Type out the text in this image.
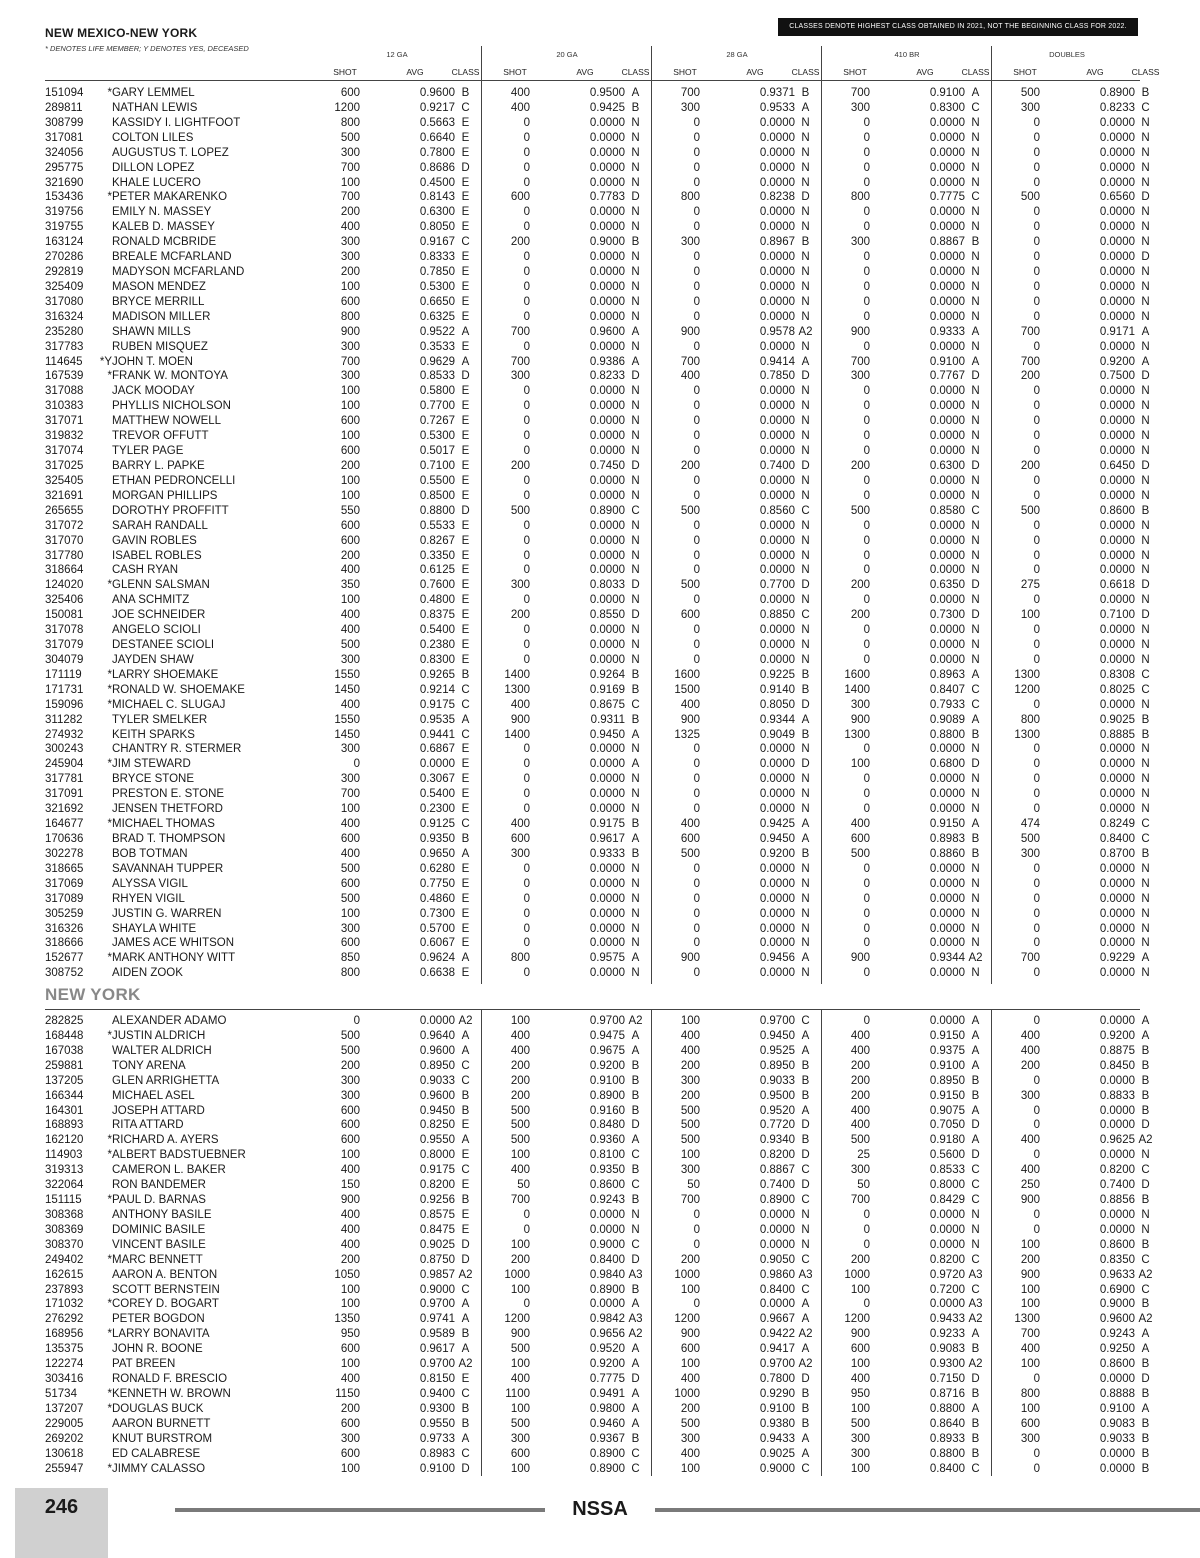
NEW MEXICO-NEW YORK
* DENOTES LIFE MEMBER; Y DENOTES YES, DECEASED
CLASSES DENOTE HIGHEST CLASS OBTAINED IN 2021, NOT THE BEGINNING CLASS FOR 2022.
12 GA
SHOT	AVG	CLASS
20 GA
SHOT	AVG	CLASS
28 GA
SHOT	AVG	CLASS
410 BR
SHOT	AVG	CLASS
DOUBLES
SHOT	AVG	CLASS
151094	* GARY LEMMEL	600	0.9600 B	400	0.9500 A	700	0.9371 B	700	0.9100 A	500	0.8900 B
289811	NATHAN LEWIS	1200	0.9217 C	400	0.9425 B	300	0.9533 A	300	0.8300 C	300	0.8233 C
308799	KASSIDY I. LIGHTFOOT	800	0.5663 E	0	0.0000 N	0	0.0000 N	0	0.0000 N	0	0.0000 N
317081	COLTON LILES	500	0.6640 E	0	0.0000 N	0	0.0000 N	0	0.0000 N	0	0.0000 N
324056	AUGUSTUS T. LOPEZ	300	0.7800 E	0	0.0000 N	0	0.0000 N	0	0.0000 N	0	0.0000 N
295775	DILLON LOPEZ	700	0.8686 D	0	0.0000 N	0	0.0000 N	0	0.0000 N	0	0.0000 N
321690	KHALE LUCERO	100	0.4500 E	0	0.0000 N	0	0.0000 N	0	0.0000 N	0	0.0000 N
153436	* PETER MAKARENKO	700	0.8143 E	600	0.7783 D	800	0.8238 D	800	0.7775 C	500	0.6560 D
319756	EMILY N. MASSEY	200	0.6300 E	0	0.0000 N	0	0.0000 N	0	0.0000 N	0	0.0000 N
319755	KALEB D. MASSEY	400	0.8050 E	0	0.0000 N	0	0.0000 N	0	0.0000 N	0	0.0000 N
163124	RONALD MCBRIDE	300	0.9167 C	200	0.9000 B	300	0.8967 B	300	0.8867 B	0	0.0000 N
270286	BREALE MCFARLAND	300	0.8333 E	0	0.0000 N	0	0.0000 N	0	0.0000 N	0	0.0000 D
292819	MADYSON MCFARLAND	200	0.7850 E	0	0.0000 N	0	0.0000 N	0	0.0000 N	0	0.0000 N
325409	MASON MENDEZ	100	0.5300 E	0	0.0000 N	0	0.0000 N	0	0.0000 N	0	0.0000 N
317080	BRYCE MERRILL	600	0.6650 E	0	0.0000 N	0	0.0000 N	0	0.0000 N	0	0.0000 N
316324	MADISON MILLER	800	0.6325 E	0	0.0000 N	0	0.0000 N	0	0.0000 N	0	0.0000 N
235280	SHAWN MILLS	900	0.9522 A	700	0.9600 A	900	0.9578 A2	900	0.9333 A	700	0.9171 A
317783	RUBEN MISQUEZ	300	0.3533 E	0	0.0000 N	0	0.0000 N	0	0.0000 N	0	0.0000 N
114645	*Y JOHN T. MOEN	700	0.9629 A	700	0.9386 A	700	0.9414 A	700	0.9100 A	700	0.9200 A
167539	* FRANK W. MONTOYA	300	0.8533 D	300	0.8233 D	400	0.7850 D	300	0.7767 D	200	0.7500 D
317088	JACK MOODAY	100	0.5800 E	0	0.0000 N	0	0.0000 N	0	0.0000 N	0	0.0000 N
310383	PHYLLIS NICHOLSON	100	0.7700 E	0	0.0000 N	0	0.0000 N	0	0.0000 N	0	0.0000 N
317071	MATTHEW NOWELL	600	0.7267 E	0	0.0000 N	0	0.0000 N	0	0.0000 N	0	0.0000 N
319832	TREVOR OFFUTT	100	0.5300 E	0	0.0000 N	0	0.0000 N	0	0.0000 N	0	0.0000 N
317074	TYLER PAGE	600	0.5017 E	0	0.0000 N	0	0.0000 N	0	0.0000 N	0	0.0000 N
317025	BARRY L. PAPKE	200	0.7100 E	200	0.7450 D	200	0.7400 D	200	0.6300 D	200	0.6450 D
325405	ETHAN PEDRONCELLI	100	0.5500 E	0	0.0000 N	0	0.0000 N	0	0.0000 N	0	0.0000 N
321691	MORGAN PHILLIPS	100	0.8500 E	0	0.0000 N	0	0.0000 N	0	0.0000 N	0	0.0000 N
265655	DOROTHY PROFFITT	550	0.8800 D	500	0.8900 C	500	0.8560 C	500	0.8580 C	500	0.8600 B
317072	SARAH RANDALL	600	0.5533 E	0	0.0000 N	0	0.0000 N	0	0.0000 N	0	0.0000 N
317070	GAVIN ROBLES	600	0.8267 E	0	0.0000 N	0	0.0000 N	0	0.0000 N	0	0.0000 N
317780	ISABEL ROBLES	200	0.3350 E	0	0.0000 N	0	0.0000 N	0	0.0000 N	0	0.0000 N
318664	CASH RYAN	400	0.6125 E	0	0.0000 N	0	0.0000 N	0	0.0000 N	0	0.0000 N
124020	* GLENN SALSMAN	350	0.7600 E	300	0.8033 D	500	0.7700 D	200	0.6350 D	275	0.6618 D
325406	ANA SCHMITZ	100	0.4800 E	0	0.0000 N	0	0.0000 N	0	0.0000 N	0	0.0000 N
150081	JOE SCHNEIDER	400	0.8375 E	200	0.8550 D	600	0.8850 C	200	0.7300 D	100	0.7100 D
317078	ANGELO SCIOLI	400	0.5400 E	0	0.0000 N	0	0.0000 N	0	0.0000 N	0	0.0000 N
317079	DESTANEE SCIOLI	500	0.2380 E	0	0.0000 N	0	0.0000 N	0	0.0000 N	0	0.0000 N
304079	JAYDEN SHAW	300	0.8300 E	0	0.0000 N	0	0.0000 N	0	0.0000 N	0	0.0000 N
171119	* LARRY SHOEMAKE	1550	0.9265 B	1400	0.9264 B	1600	0.9225 B	1600	0.8963 A	1300	0.8308 C
171731	* RONALD W. SHOEMAKE	1450	0.9214 C	1300	0.9169 B	1500	0.9140 B	1400	0.8407 C	1200	0.8025 C
159096	* MICHAEL C. SLUGAJ	400	0.9175 C	400	0.8675 C	400	0.8050 D	300	0.7933 C	0	0.0000 N
311282	TYLER SMELKER	1550	0.9535 A	900	0.9311 B	900	0.9344 A	900	0.9089 A	800	0.9025 B
274932	KEITH SPARKS	1450	0.9441 C	1400	0.9450 A	1325	0.9049 B	1300	0.8800 B	1300	0.8885 B
300243	CHANTRY R. STERMER	300	0.6867 E	0	0.0000 N	0	0.0000 N	0	0.0000 N	0	0.0000 N
245904	* JIM STEWARD	0	0.0000 E	0	0.0000 A	0	0.0000 D	100	0.6800 D	0	0.0000 N
317781	BRYCE STONE	300	0.3067 E	0	0.0000 N	0	0.0000 N	0	0.0000 N	0	0.0000 N
317091	PRESTON E. STONE	700	0.5400 E	0	0.0000 N	0	0.0000 N	0	0.0000 N	0	0.0000 N
321692	JENSEN THETFORD	100	0.2300 E	0	0.0000 N	0	0.0000 N	0	0.0000 N	0	0.0000 N
164677	* MICHAEL THOMAS	400	0.9125 C	400	0.9175 B	400	0.9425 A	400	0.9150 A	474	0.8249 C
170636	BRAD T. THOMPSON	600	0.9350 B	600	0.9617 A	600	0.9450 A	600	0.8983 B	500	0.8400 C
302278	BOB TOTMAN	400	0.9650 A	300	0.9333 B	500	0.9200 B	500	0.8860 B	300	0.8700 B
318665	SAVANNAH TUPPER	500	0.6280 E	0	0.0000 N	0	0.0000 N	0	0.0000 N	0	0.0000 N
317069	ALYSSA VIGIL	600	0.7750 E	0	0.0000 N	0	0.0000 N	0	0.0000 N	0	0.0000 N
317089	RHYEN VIGIL	500	0.4860 E	0	0.0000 N	0	0.0000 N	0	0.0000 N	0	0.0000 N
305259	JUSTIN G. WARREN	100	0.7300 E	0	0.0000 N	0	0.0000 N	0	0.0000 N	0	0.0000 N
316326	SHAYLA WHITE	300	0.5700 E	0	0.0000 N	0	0.0000 N	0	0.0000 N	0	0.0000 N
318666	JAMES ACE WHITSON	600	0.6067 E	0	0.0000 N	0	0.0000 N	0	0.0000 N	0	0.0000 N
152677	* MARK ANTHONY WITT	850	0.9624 A	800	0.9575 A	900	0.9456 A	900	0.9344 A2	700	0.9229 A
308752	AIDEN ZOOK	800	0.6638 E	0	0.0000 N	0	0.0000 N	0	0.0000 N	0	0.0000 N
NEW YORK
282825	ALEXANDER ADAMO	0	0.0000 A2	100	0.9700 A2	100	0.9700 C	0	0.0000 A	0	0.0000 A
168448	* JUSTIN ALDRICH	500	0.9640 A	400	0.9475 A	400	0.9450 A	400	0.9150 A	400	0.9200 A
167038	WALTER ALDRICH	500	0.9600 A	400	0.9675 A	400	0.9525 A	400	0.9375 A	400	0.8875 B
259881	TONY ARENA	200	0.8950 C	200	0.9200 B	200	0.8950 B	200	0.9100 A	200	0.8450 B
137205	GLEN ARRIGHETTA	300	0.9033 C	200	0.9100 B	300	0.9033 B	200	0.8950 B	0	0.0000 B
166344	MICHAEL ASEL	300	0.9600 B	200	0.8900 B	200	0.9500 B	200	0.9150 B	300	0.8833 B
164301	JOSEPH ATTARD	600	0.9450 B	500	0.9160 B	500	0.9520 A	400	0.9075 A	0	0.0000 B
168893	RITA ATTARD	600	0.8250 E	500	0.8480 D	500	0.7720 D	400	0.7050 D	0	0.0000 D
162120	* RICHARD A. AYERS	600	0.9550 A	500	0.9360 A	500	0.9340 B	500	0.9180 A	400	0.9625 A2
114903	* ALBERT BADSTUEBNER	100	0.8000 E	100	0.8100 C	100	0.8200 D	25	0.5600 D	0	0.0000 N
319313	CAMERON L. BAKER	400	0.9175 C	400	0.9350 B	300	0.8867 C	300	0.8533 C	400	0.8200 C
322064	RON BANDEMER	150	0.8200 E	50	0.8600 C	50	0.7400 D	50	0.8000 C	250	0.7400 D
151115	* PAUL D. BARNAS	900	0.9256 B	700	0.9243 B	700	0.8900 C	700	0.8429 C	900	0.8856 B
308368	ANTHONY BASILE	400	0.8575 E	0	0.0000 N	0	0.0000 N	0	0.0000 N	0	0.0000 N
308369	DOMINIC BASILE	400	0.8475 E	0	0.0000 N	0	0.0000 N	0	0.0000 N	0	0.0000 N
308370	VINCENT BASILE	400	0.9025 D	100	0.9000 C	0	0.0000 N	0	0.0000 N	100	0.8600 B
249402	* MARC BENNETT	200	0.8750 D	200	0.8400 D	200	0.9050 C	200	0.8200 C	200	0.8350 C
162615	AARON A. BENTON	1050	0.9857 A2	1000	0.9840 A3	1000	0.9860 A3	1000	0.9720 A3	900	0.9633 A2
237893	SCOTT BERNSTEIN	100	0.9000 C	100	0.8900 B	100	0.8400 C	100	0.7200 C	100	0.6900 C
171032	* COREY D. BOGART	100	0.9700 A	0	0.0000 A	0	0.0000 A	0	0.0000 A3	100	0.9000 B
276292	PETER BOGDON	1350	0.9741 A	1200	0.9842 A3	1200	0.9667 A	1200	0.9433 A2	1300	0.9600 A2
168956	* LARRY BONAVITA	950	0.9589 B	900	0.9656 A2	900	0.9422 A2	900	0.9233 A	700	0.9243 A
135375	JOHN R. BOONE	600	0.9617 A	500	0.9520 A	600	0.9417 A	600	0.9083 B	400	0.9250 A
122274	PAT BREEN	100	0.9700 A2	100	0.9200 A	100	0.9700 A2	100	0.9300 A2	100	0.8600 B
303416	RONALD F. BRESCIO	400	0.8150 E	400	0.7775 D	400	0.7800 D	400	0.7150 D	0	0.0000 D
51734	* KENNETH W. BROWN	1150	0.9400 C	1100	0.9491 A	1000	0.9290 B	950	0.8716 B	800	0.8888 B
137207	* DOUGLAS BUCK	200	0.9300 B	100	0.9800 A	200	0.9100 B	100	0.8800 A	100	0.9100 A
229005	AARON BURNETT	600	0.9550 B	500	0.9460 A	500	0.9380 B	500	0.8640 B	600	0.9083 B
269202	KNUT BURSTROM	300	0.9733 A	300	0.9367 B	300	0.9433 A	300	0.8933 B	300	0.9033 B
130618	ED CALABRESE	600	0.8983 C	600	0.8900 C	400	0.9025 A	300	0.8800 B	0	0.0000 B
255947	* JIMMY CALASSO	100	0.9100 D	100	0.8900 C	100	0.9000 C	100	0.8400 C	0	0.0000 B
246	NSSA
